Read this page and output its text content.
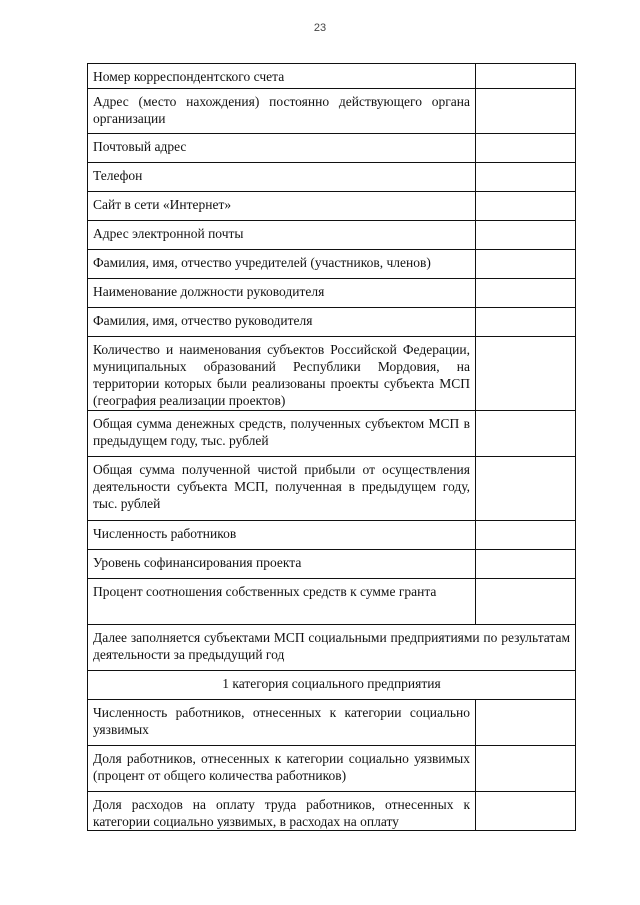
23
Номер корреспондентского счета	
Адрес (место нахождения) постоянно действующего органа организации	
Почтовый адрес	
Телефон	
Сайт в сети «Интернет»	
Адрес электронной почты	
Фамилия, имя, отчество учредителей (участников, членов)	
Наименование должности руководителя	
Фамилия, имя, отчество руководителя	
Количество и наименования субъектов Российской Федерации, муниципальных образований Республики Мордовия, на территории которых были реализованы проекты субъекта МСП (география реализации проектов)	
Общая сумма денежных средств, полученных субъектом МСП в предыдущем году, тыс. рублей	
Общая сумма полученной чистой прибыли от осуществления деятельности субъекта МСП, полученная в предыдущем году, тыс. рублей	
Численность работников	
Уровень софинансирования проекта	
Процент соотношения собственных средств к сумме гранта	
Далее заполняется субъектами МСП социальными предприятиями по результатам деятельности за предыдущий год	
1 категория социального предприятия	
Численность работников, отнесенных к категории социально уязвимых	
Доля работников, отнесенных к категории социально уязвимых (процент от общего количества работников)	
Доля расходов на оплату труда работников, отнесенных к категории социально уязвимых, в расходах на оплату	
